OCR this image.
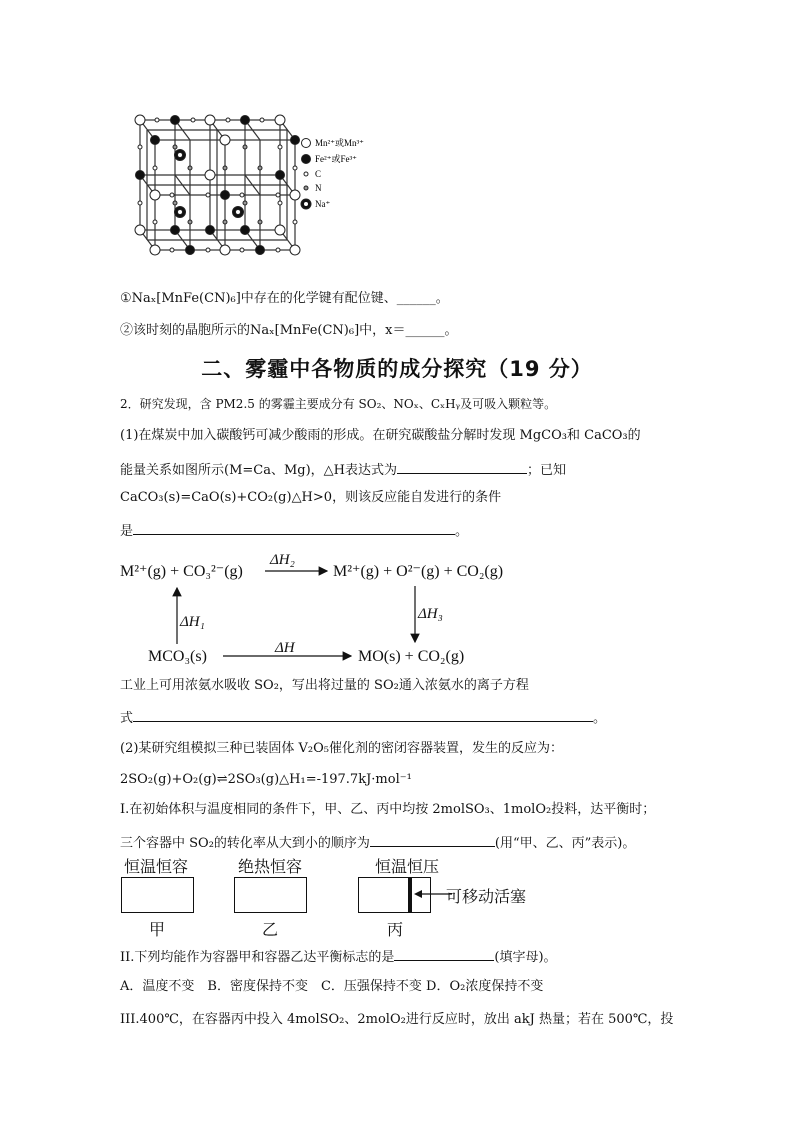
Mn²⁺或Mn³⁺
Fe²⁺或Fe³⁺
C
N
Na⁺
①Naₓ[MnFe(CN)₆]中存在的化学键有配位键、______。
②该时刻的晶胞所示的Naₓ[MnFe(CN)₆]中，x＝______。
二、雾霾中各物质的成分探究（19 分）
2．研究发现，含 PM2.5 的雾霾主要成分有 SO₂、NOₓ、CₓHᵧ及可吸入颗粒等。
(1)在煤炭中加入碳酸钙可减少酸雨的形成。在研究碳酸盐分解时发现 MgCO₃和 CaCO₃的
能量关系如图所示(M=Ca、Mg)，△H表达式为	；已知
CaCO₃(s)=CaO(s)+CO₂(g)△H>0，则该反应能自发进行的条件
是	。
M²⁺(g) + CO₃²⁻(g)	M²⁺(g) + O²⁻(g) + CO₂(g)
MCO₃(s)	MO(s) + CO₂(g)
ΔH₂
ΔH₁	ΔH₃
ΔH
工业上可用浓氨水吸收 SO₂，写出将过量的 SO₂通入浓氨水的离子方程
式	。
(2)某研究组模拟三种已装固体 V₂O₅催化剂的密闭容器装置，发生的反应为：
2SO₂(g)+O₂(g)⇌2SO₃(g)△H₁=-197.7kJ·mol⁻¹
I.在初始体积与温度相同的条件下，甲、乙、丙中均按 2molSO₃、1molO₂投料，达平衡时；
三个容器中 SO₂的转化率从大到小的顺序为	(用“甲、乙、丙”表示)。
恒温恒容	绝热恒容	恒温恒压
可移动活塞
甲	乙	丙
II.下列均能作为容器甲和容器乙达平衡标志的是	(填字母)。
A．温度不变　B．密度保持不变　C．压强保持不变 D．O₂浓度保持不变
III.400℃，在容器丙中投入 4molSO₂、2molO₂进行反应时，放出 akJ 热量；若在 500℃，投
